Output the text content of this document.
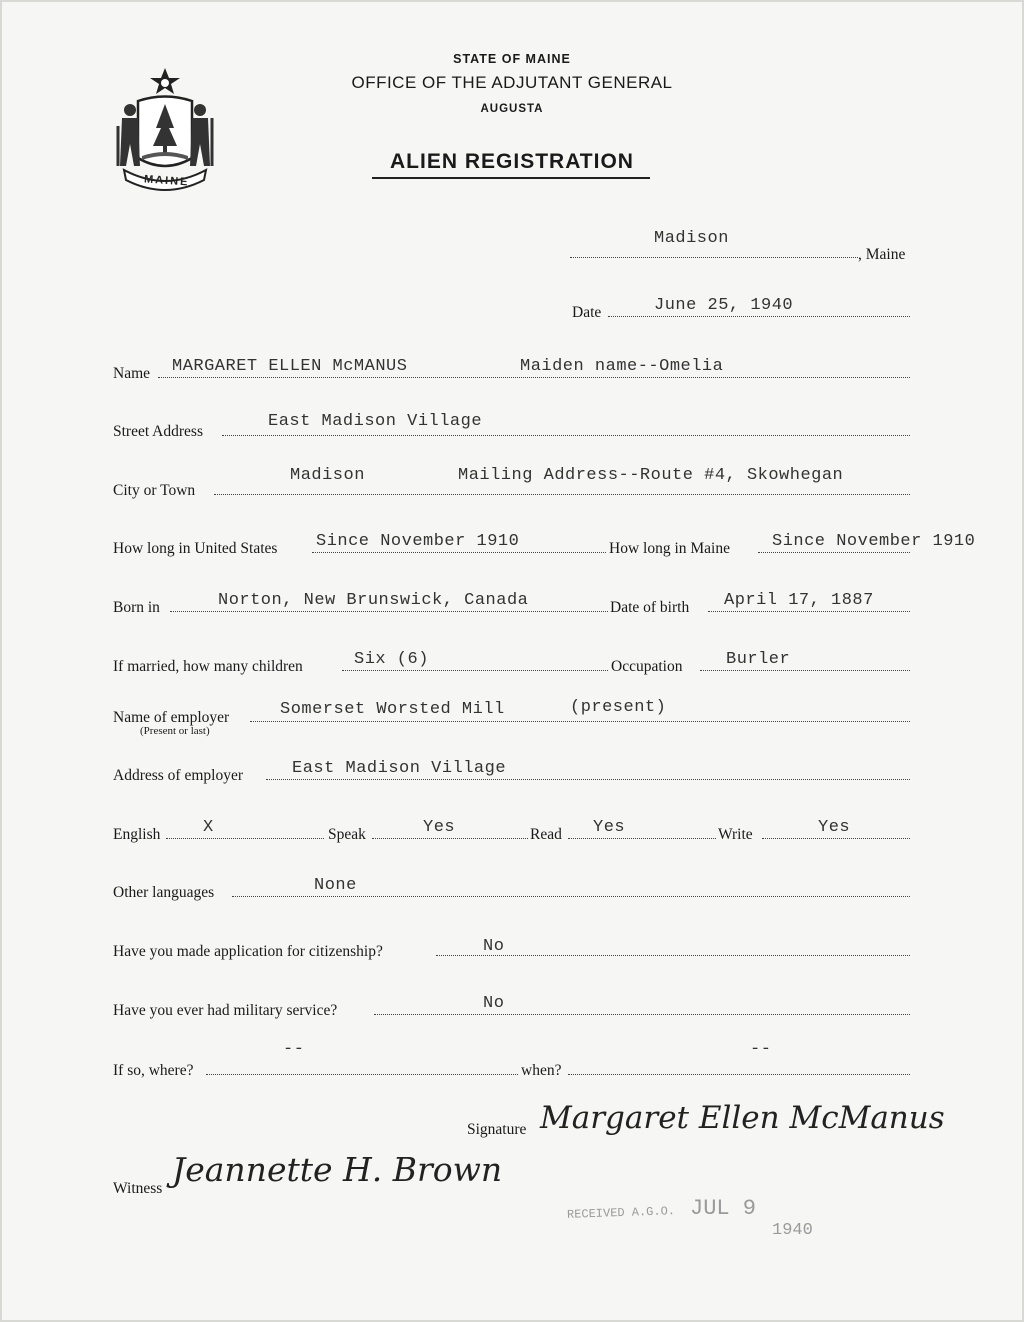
MAINE
STATE OF MAINE
OFFICE OF THE ADJUTANT GENERAL
AUGUSTA
ALIEN REGISTRATION
Madison
, Maine
Date	June 25, 1940
Name MARGARET ELLEN McMANUS	Maiden name--Omelia
Street Address
East Madison Village
City or Town
Madison	Mailing Address--Route #4, Skowhegan
How long in United States Since November 1910	How long in Maine Since November 1910
Born in	Norton, New Brunswick, Canada	Date of birth April 17, 1887
If married, how many children	Six (6)	Occupation	Burler
Name of employer
(Present or last)
Somerset Worsted Mill	(present)
Address of employer	East Madison Village
English	X	Speak	Yes	Read Yes	Write	Yes
Other languages	None
Have you made application for citizenship?	No
Have you ever had military service?	No
If so, where?
--
when?
--
Signature Margaret Ellen McManus
Witness Jeannette H. Brown
RECEIVED A.G.O. JUL 9
1940
